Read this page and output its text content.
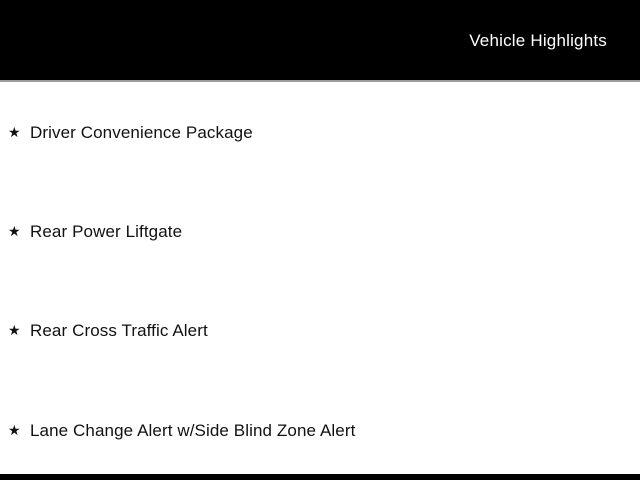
Vehicle Highlights
★ Driver Convenience Package
★ Rear Power Liftgate
★ Rear Cross Traffic Alert
★ Lane Change Alert w/Side Blind Zone Alert
